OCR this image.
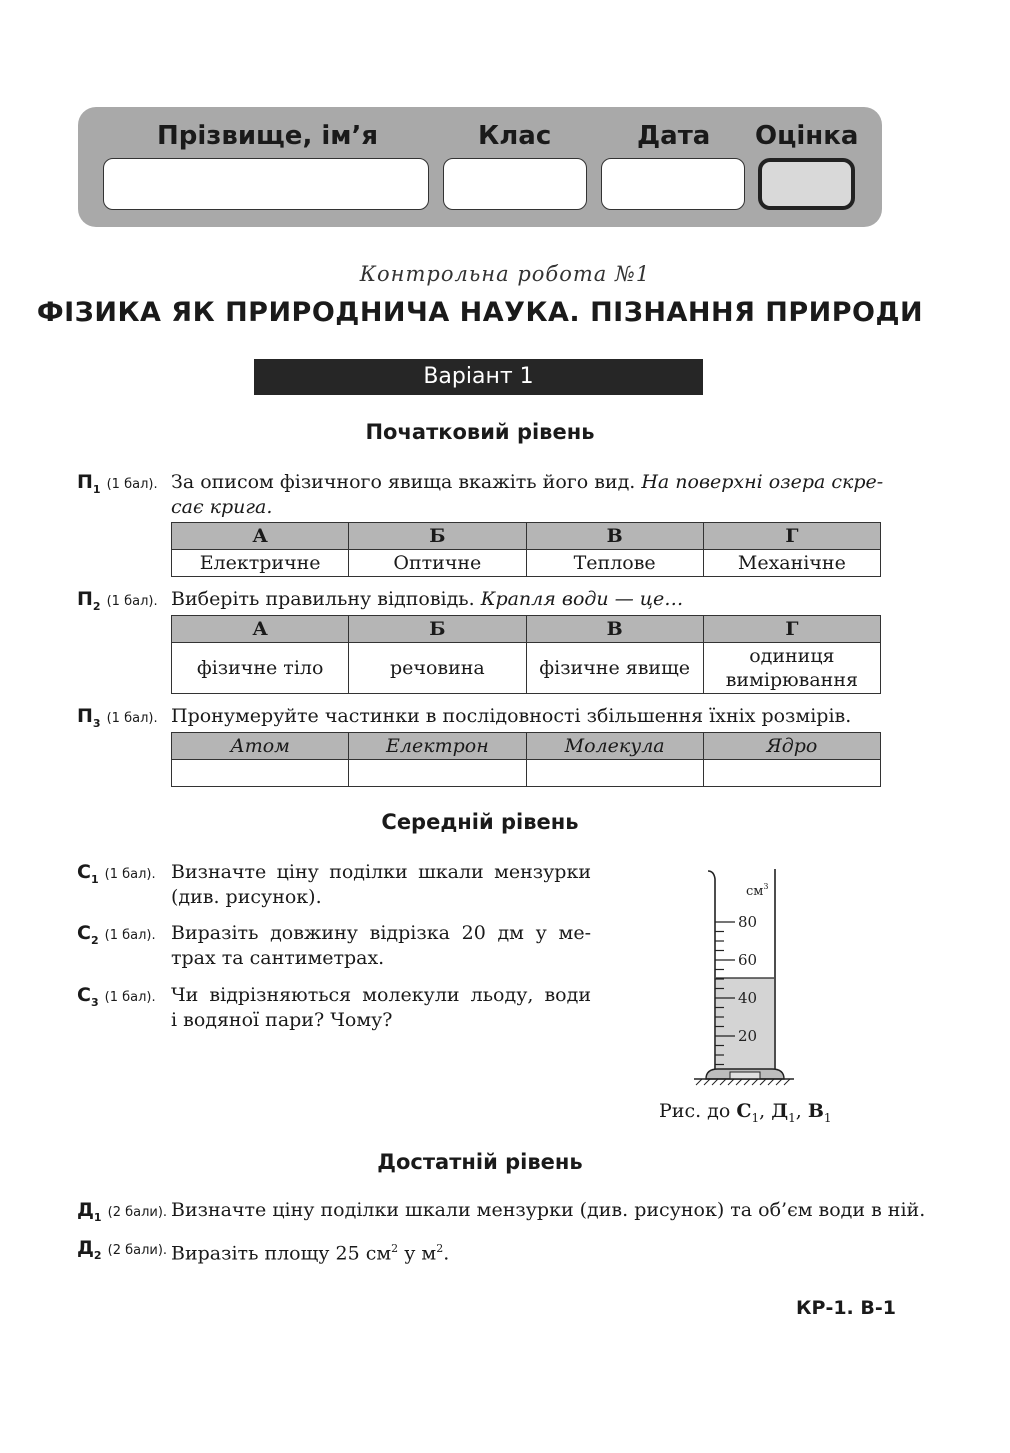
Прізвище, ім’я	Клас	Дата Оцінка
Контрольна робота №1
ФІЗИКА ЯК ПРИРОДНИЧА НАУКА. ПІЗНАННЯ ПРИРОДИ
Варіант 1
Початковий рівень
$П_1$ (1 бал). За описом фізичного явища вкажіть його вид. На поверхні озера скре-
сає крига.
А	Б	В	Г
Електричне	Оптичне	Теплове	Механічне
$П_2$ (1 бал). Виберіть правильну відповідь. Крапля води — це…
А	Б	В	Г
фізичне тіло	речовина	фізичне явище	одиниця вимірювання
$П_3$ (1 бал). Пронумеруйте частинки в послідовності збільшення їхніх розмірів.
Атом	Електрон	Молекула	Ядро

Середній рівень
$С_1$ (1 бал). Визначте ціну поділки шкали мензурки
(див. рисунок).
$С_2$ (1 бал). Виразіть довжину відрізка 20 дм у ме-
трах та сантиметрах.
$С_3$ (1 бал). Чи відрізняються молекули льоду, води
і водяної пари? Чому?
$см^3$
80
60
40
20
Рис. до $С_1$, $Д_1$, $В_1$
Достатній рівень
$Д_1$ (2 бали). Визначте ціну поділки шкали мензурки (див. рисунок) та об’єм води в ній.
$Д_2$ (2 бали). Виразіть площу 25 $см^2$ у $м^2$.
КР-1. В-1
